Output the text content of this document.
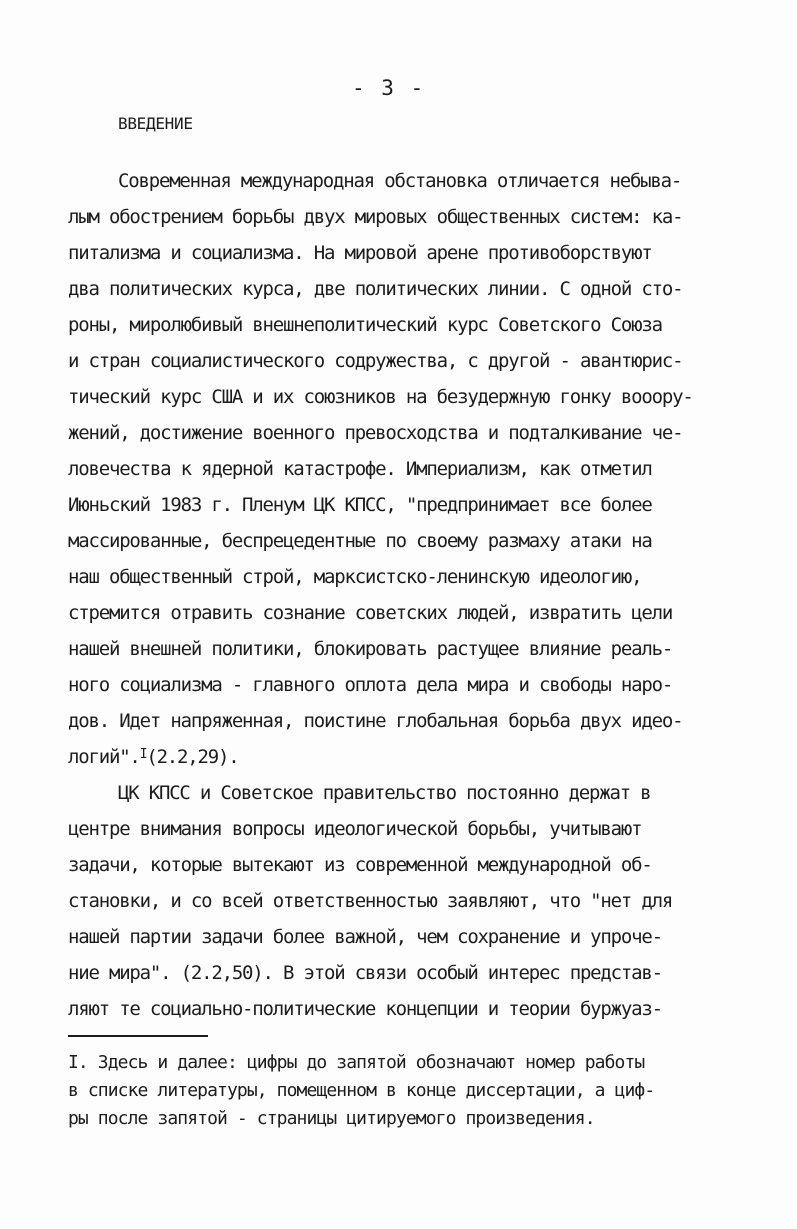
- 3 -
ВВЕДЕНИЕ
Современная международная обстановка отличается небыва-
лым обострением борьбы двух мировых общественных систем: ка-
питализма и социализма. На мировой арене противоборствуют
два политических курса, две политических линии. С одной сто-
роны, миролюбивый внешнеполитический курс Советского Союза
и стран социалистического содружества, с другой - авантюрис-
тический курс США и их союзников на безудержную гонку вооору-
жений, достижение военного превосходства и подталкивание че-
ловечества к ядерной катастрофе. Империализм, как отметил
Июньский 1983 г. Пленум ЦК КПСС, "предпринимает все более
массированные, беспрецедентные по своему размаху атаки на
наш общественный строй, марксистско-ленинскую идеологию,
стремится отравить сознание советских людей, извратить цели
нашей внешней политики, блокировать растущее влияние реаль-
ного социализма - главного оплота дела мира и свободы наро-
дов. Идет напряженная, поистине глобальная борьба двух идео-
логий".$^I$(2.2,29).
ЦК КПСС и Советское правительство постоянно держат в
центре внимания вопросы идеологической борьбы, учитывают
задачи, которые вытекают из современной международной об-
становки, и со всей ответственностью заявляют, что "нет для
нашей партии задачи более важной, чем сохранение и упроче-
ние мира". (2.2,50). В этой связи особый интерес представ-
ляют те социально-политические концепции и теории буржуаз-
I. Здесь и далее: цифры до запятой обозначают номер работы
в списке литературы, помещенном в конце диссертации, а циф-
ры после запятой - страницы цитируемого произведения.
